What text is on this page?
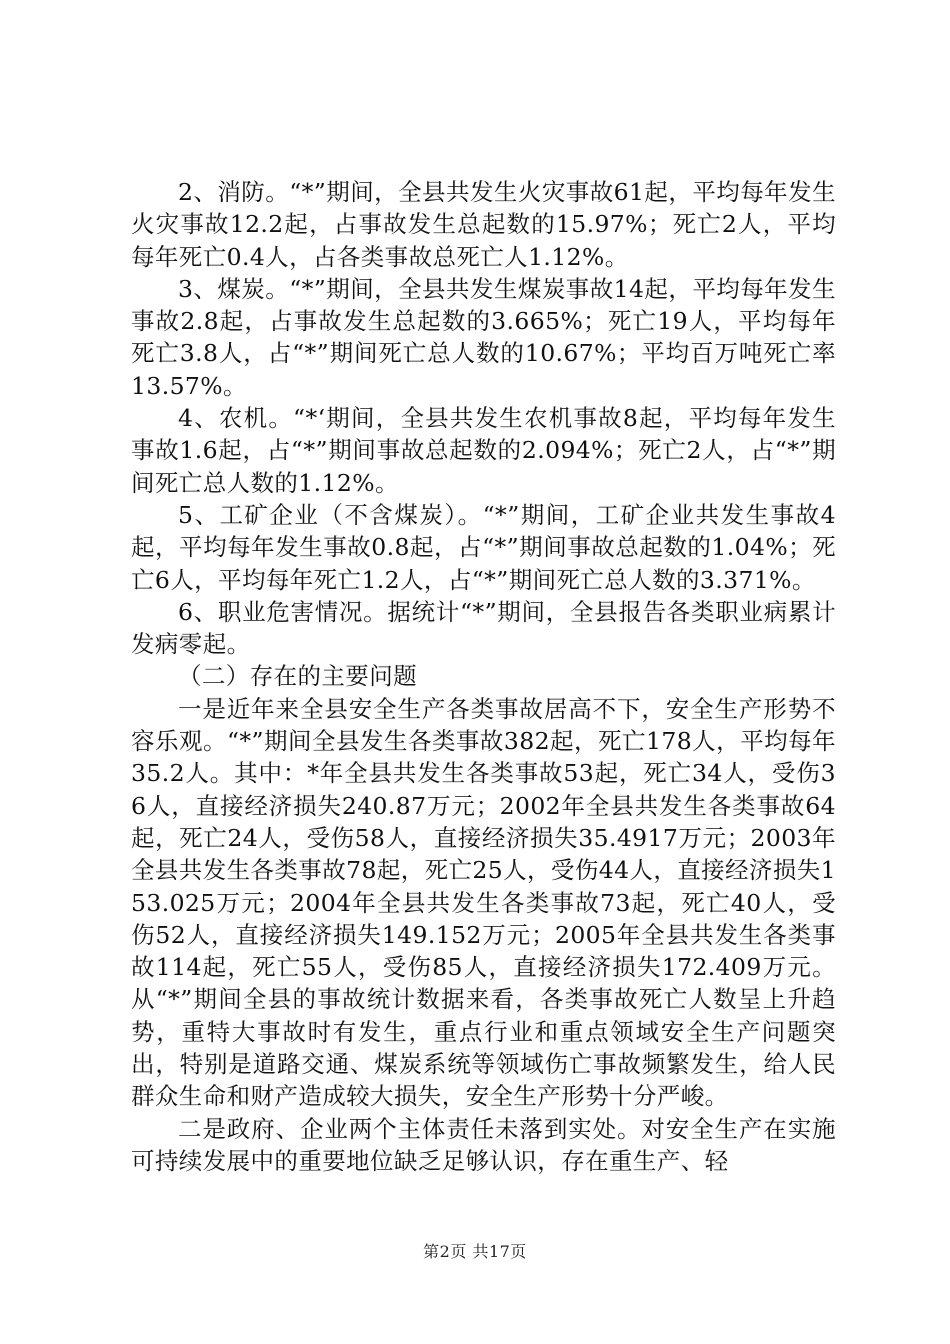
2、消防。“*”期间，全县共发生火灾事故61起，平均每年发生火灾事故12.2起，占事故发生总起数的15.97%；死亡2人，平均每年死亡0.4人，占各类事故总死亡人1.12%。

3、煤炭。“*”期间，全县共发生煤炭事故14起，平均每年发生事故2.8起，占事故发生总起数的3.665%；死亡19人，平均每年死亡3.8人，占“*”期间死亡总人数的10.67%；平均百万吨死亡率13.57%。

4、农机。“*‘期间，全县共发生农机事故8起，平均每年发生事故1.6起，占“*”期间事故总起数的2.094%；死亡2人，占“*”期间死亡总人数的1.12%。

5、工矿企业（不含煤炭）。“*”期间，工矿企业共发生事故4起，平均每年发生事故0.8起，占“*”期间事故总起数的1.04%；死亡6人，平均每年死亡1.2人，占“*”期间死亡总人数的3.371%。

6、职业危害情况。据统计“*”期间，全县报告各类职业病累计发病零起。

（二）存在的主要问题

一是近年来全县安全生产各类事故居高不下，安全生产形势不容乐观。“*”期间全县发生各类事故382起，死亡178人，平均每年35.2人。其中：*年全县共发生各类事故53起，死亡34人，受伤36人，直接经济损失240.87万元；2002年全县共发生各类事故64起，死亡24人，受伤58人，直接经济损失35.4917万元；2003年全县共发生各类事故78起，死亡25人，受伤44人，直接经济损失153.025万元；2004年全县共发生各类事故73起，死亡40人，受伤52人，直接经济损失149.152万元；2005年全县共发生各类事故114起，死亡55人，受伤85人，直接经济损失172.409万元。从“*”期间全县的事故统计数据来看，各类事故死亡人数呈上升趋势，重特大事故时有发生，重点行业和重点领域安全生产问题突出，特别是道路交通、煤炭系统等领域伤亡事故频繁发生，给人民群众生命和财产造成较大损失，安全生产形势十分严峻。

二是政府、企业两个主体责任未落到实处。对安全生产在实施可持续发展中的重要地位缺乏足够认识，存在重生产、轻

第2页 共17页
